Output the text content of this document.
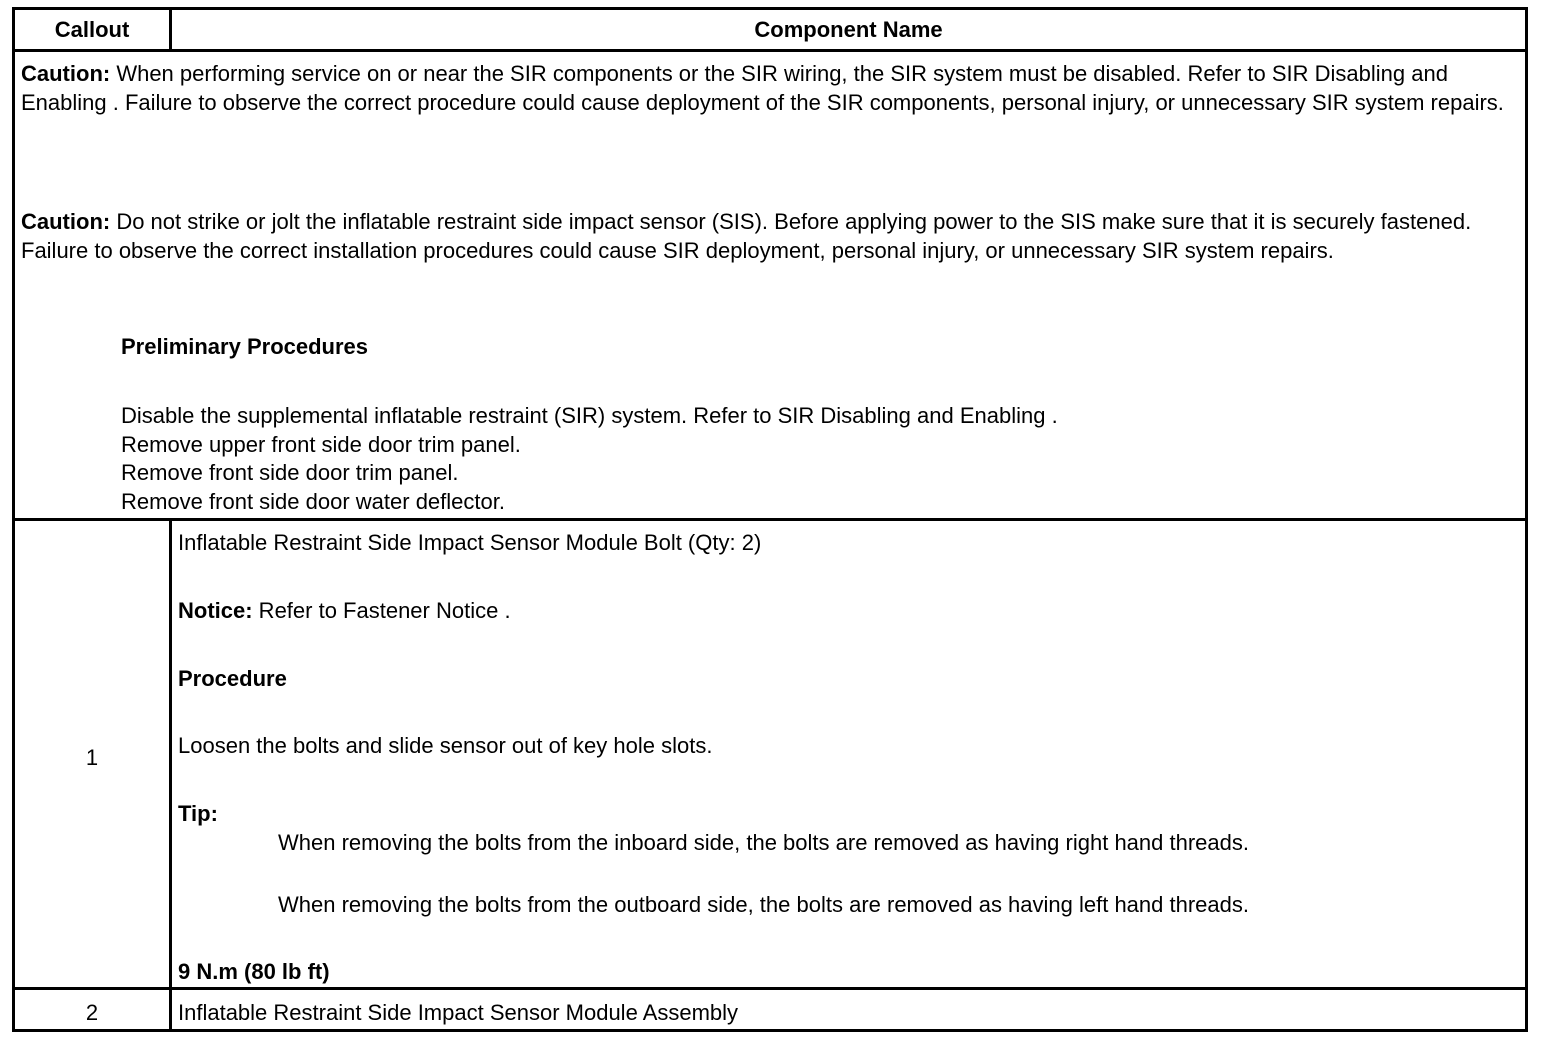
Callout	Component Name
Caution: When performing service on or near the SIR components or the SIR wiring, the SIR system must be disabled. Refer to SIR Disabling and Enabling . Failure to observe the correct procedure could cause deployment of the SIR components, personal injury, or unnecessary SIR system repairs.
Caution: Do not strike or jolt the inflatable restraint side impact sensor (SIS). Before applying power to the SIS make sure that it is securely fastened. Failure to observe the correct installation procedures could cause SIR deployment, personal injury, or unnecessary SIR system repairs.
Preliminary Procedures
Disable the supplemental inflatable restraint (SIR) system. Refer to SIR Disabling and Enabling .
Remove upper front side door trim panel.
Remove front side door trim panel.
Remove front side door water deflector.
1
Inflatable Restraint Side Impact Sensor Module Bolt (Qty: 2)
Notice: Refer to Fastener Notice .
Procedure
Loosen the bolts and slide sensor out of key hole slots.
Tip:
When removing the bolts from the inboard side, the bolts are removed as having right hand threads.
When removing the bolts from the outboard side, the bolts are removed as having left hand threads.
9 N.m (80 lb ft)
2	Inflatable Restraint Side Impact Sensor Module Assembly
